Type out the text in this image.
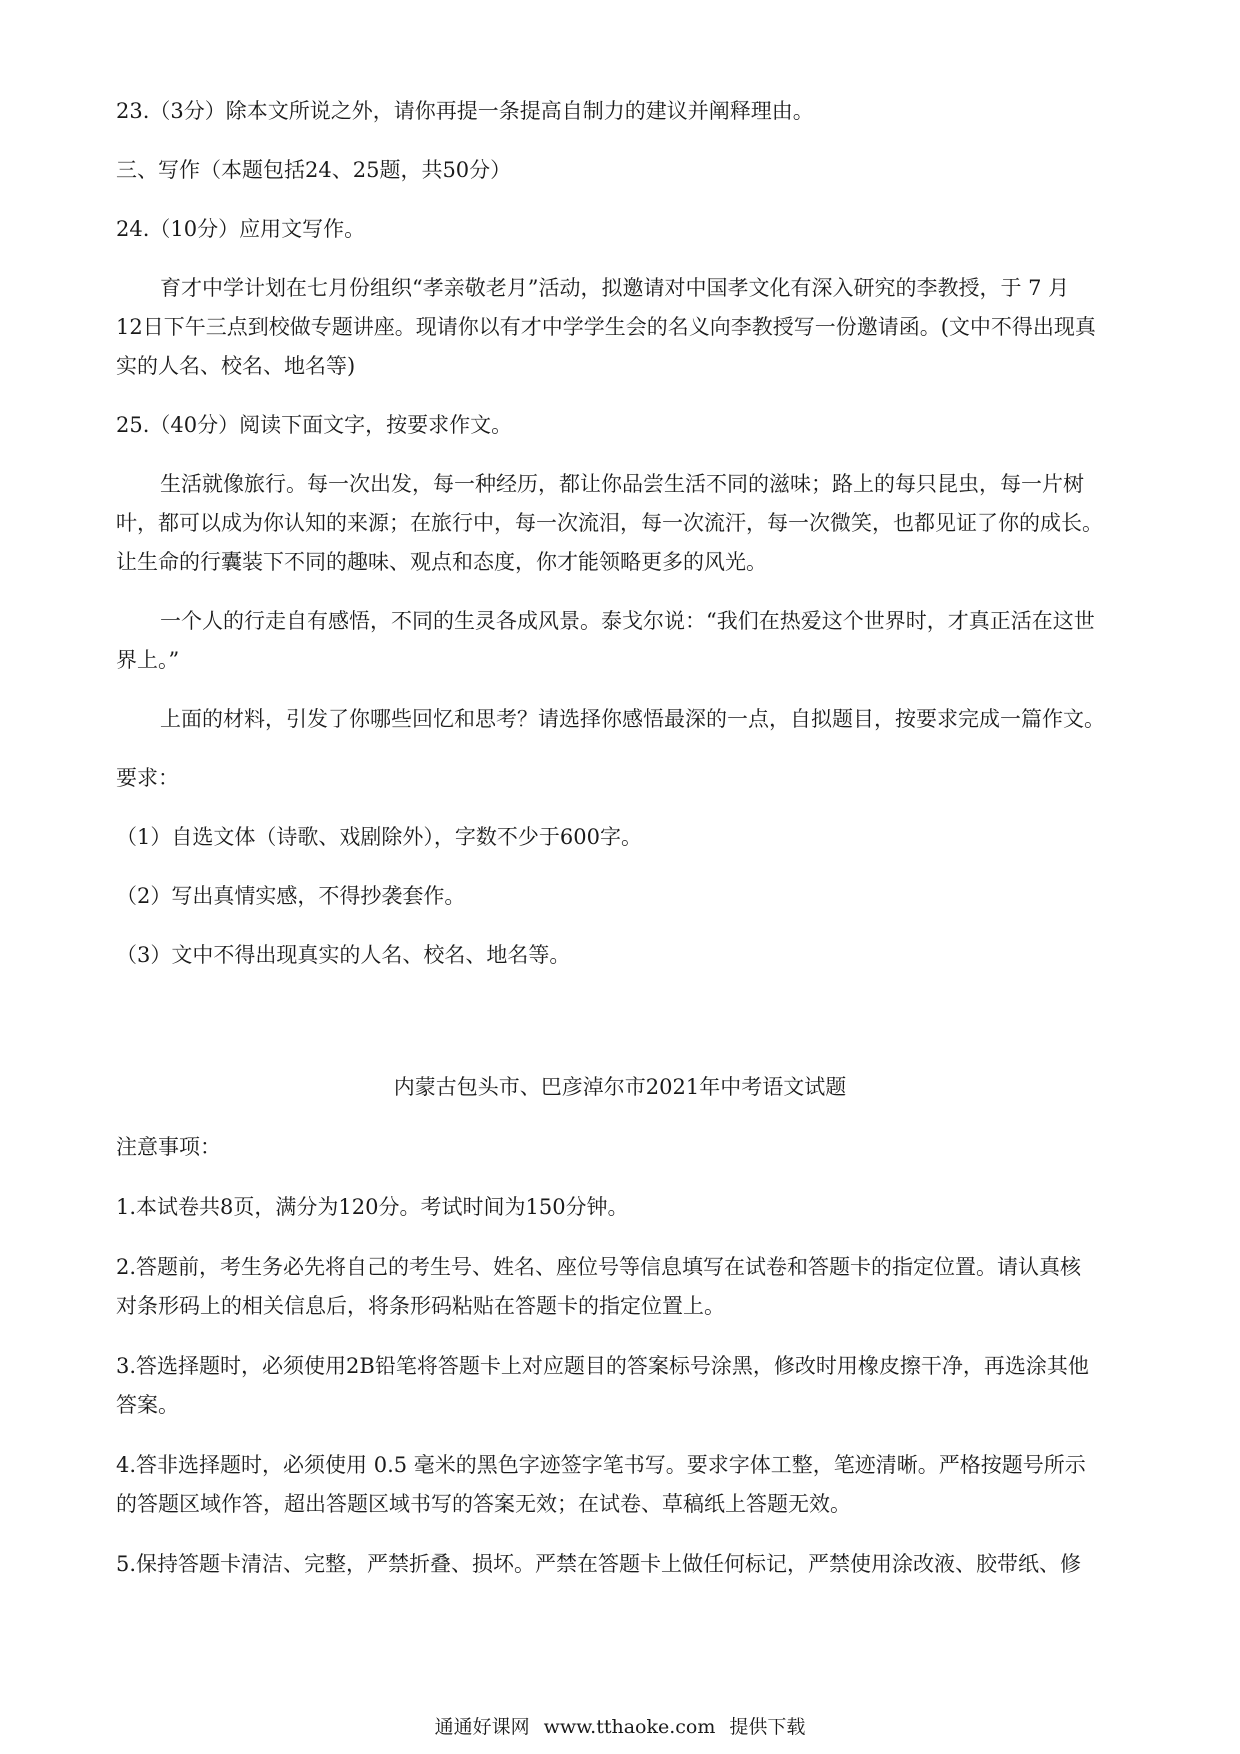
23.（3分）除本文所说之外，请你再提一条提高自制力的建议并阐释理由。
三、写作（本题包括24、25题，共50分）
24.（10分）应用文写作。
育才中学计划在七月份组织“孝亲敬老月”活动，拟邀请对中国孝文化有深入研究的李教授，于 7 月
12日下午三点到校做专题讲座。现请你以有才中学学生会的名义向李教授写一份邀请函。(文中不得出现真
实的人名、校名、地名等)
25.（40分）阅读下面文字，按要求作文。
生活就像旅行。每一次出发，每一种经历，都让你品尝生活不同的滋味；路上的每只昆虫，每一片树
叶，都可以成为你认知的来源；在旅行中，每一次流泪，每一次流汗，每一次微笑，也都见证了你的成长。
让生命的行囊装下不同的趣味、观点和态度，你才能领略更多的风光。
一个人的行走自有感悟，不同的生灵各成风景。泰戈尔说：“我们在热爱这个世界时，才真正活在这世
界上。”
上面的材料，引发了你哪些回忆和思考？请选择你感悟最深的一点，自拟题目，按要求完成一篇作文。
要求：
（1）自选文体（诗歌、戏剧除外），字数不少于600字。
（2）写出真情实感，不得抄袭套作。
（3）文中不得出现真实的人名、校名、地名等。
内蒙古包头市、巴彦淖尔市2021年中考语文试题
注意事项：
1.本试卷共8页，满分为120分。考试时间为150分钟。
2.答题前，考生务必先将自己的考生号、姓名、座位号等信息填写在试卷和答题卡的指定位置。请认真核
对条形码上的相关信息后，将条形码粘贴在答题卡的指定位置上。
3.答选择题时，必须使用2B铅笔将答题卡上对应题目的答案标号涂黑，修改时用橡皮擦干净，再选涂其他
答案。
4.答非选择题时，必须使用 0.5 毫米的黑色字迹签字笔书写。要求字体工整，笔迹清晰。严格按题号所示
的答题区域作答，超出答题区域书写的答案无效；在试卷、草稿纸上答题无效。
5.保持答题卡清洁、完整，严禁折叠、损坏。严禁在答题卡上做任何标记，严禁使用涂改液、胶带纸、修
通通好课网 www.tthaoke.com 提供下载
